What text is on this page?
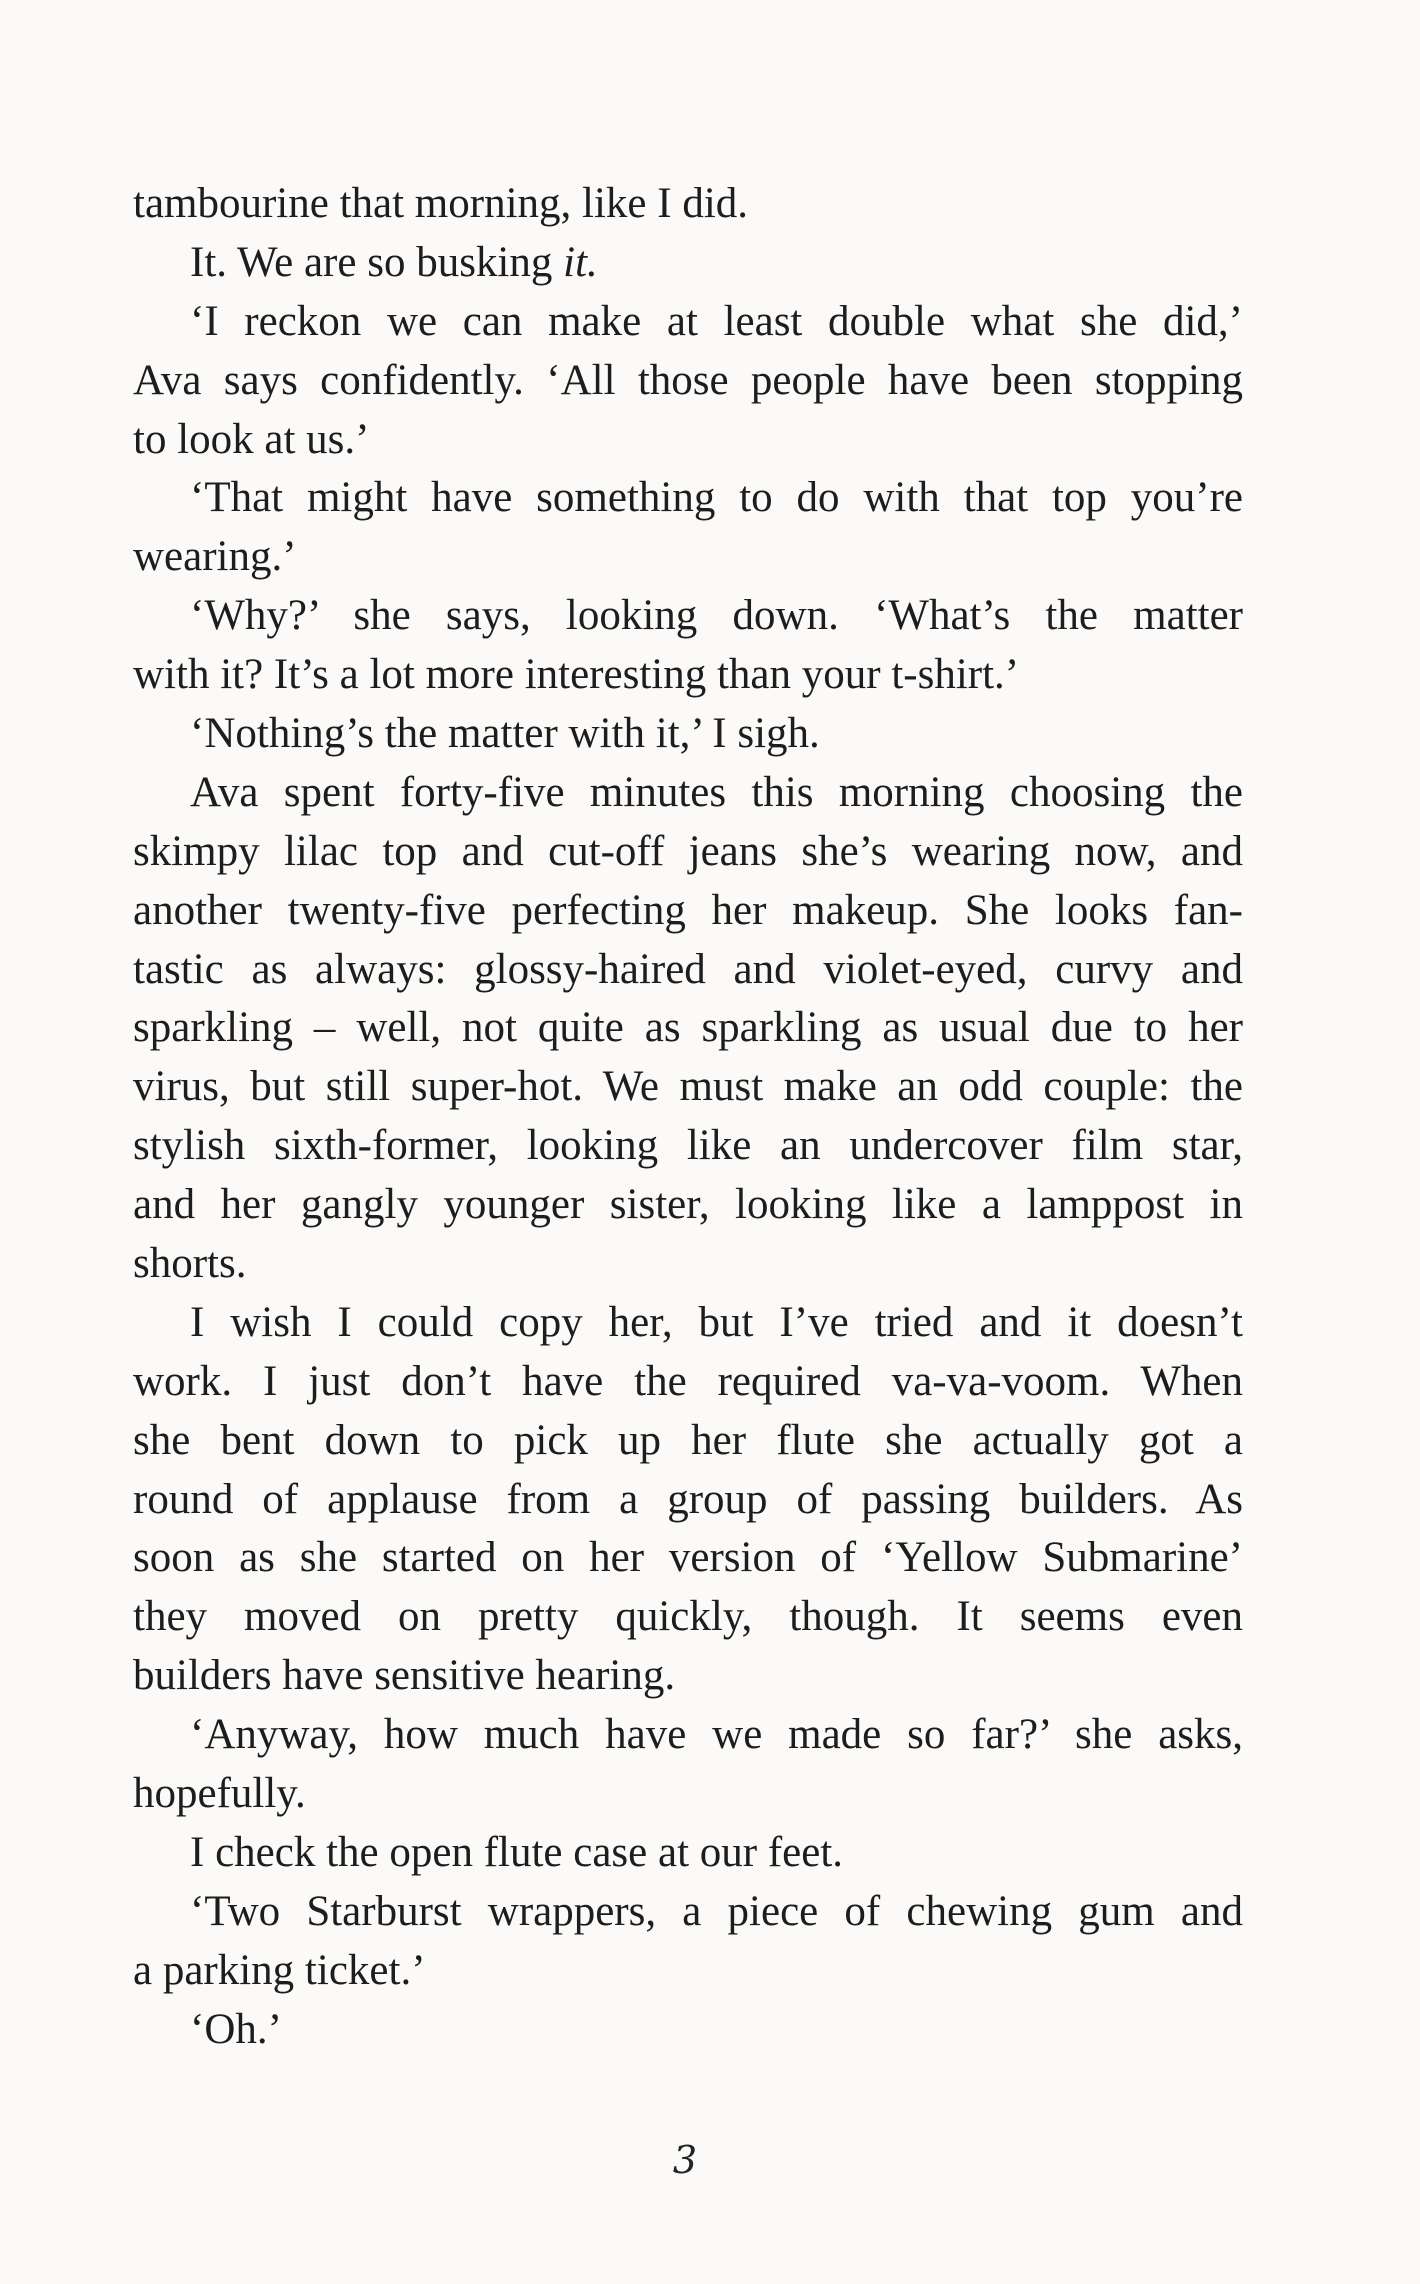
tambourine that morning, like I did.
It. We are so busking it.
‘I reckon we can make at least double what she did,’
Ava says confidently. ‘All those people have been stopping
to look at us.’
‘That might have something to do with that top you’re
wearing.’
‘Why?’ she says, looking down. ‘What’s the matter
with it? It’s a lot more interesting than your t-shirt.’
‘Nothing’s the matter with it,’ I sigh.
Ava spent forty-five minutes this morning choosing the
skimpy lilac top and cut-off jeans she’s wearing now, and
another twenty-five perfecting her makeup. She looks fan-
tastic as always: glossy-haired and violet-eyed, curvy and
sparkling – well, not quite as sparkling as usual due to her
virus, but still super-hot. We must make an odd couple: the
stylish sixth-former, looking like an undercover film star,
and her gangly younger sister, looking like a lamppost in
shorts.
I wish I could copy her, but I’ve tried and it doesn’t
work. I just don’t have the required va-va-voom. When
she bent down to pick up her flute she actually got a
round of applause from a group of passing builders. As
soon as she started on her version of ‘Yellow Submarine’
they moved on pretty quickly, though. It seems even
builders have sensitive hearing.
‘Anyway, how much have we made so far?’ she asks,
hopefully.
I check the open flute case at our feet.
‘Two Starburst wrappers, a piece of chewing gum and
a parking ticket.’
‘Oh.’
3
